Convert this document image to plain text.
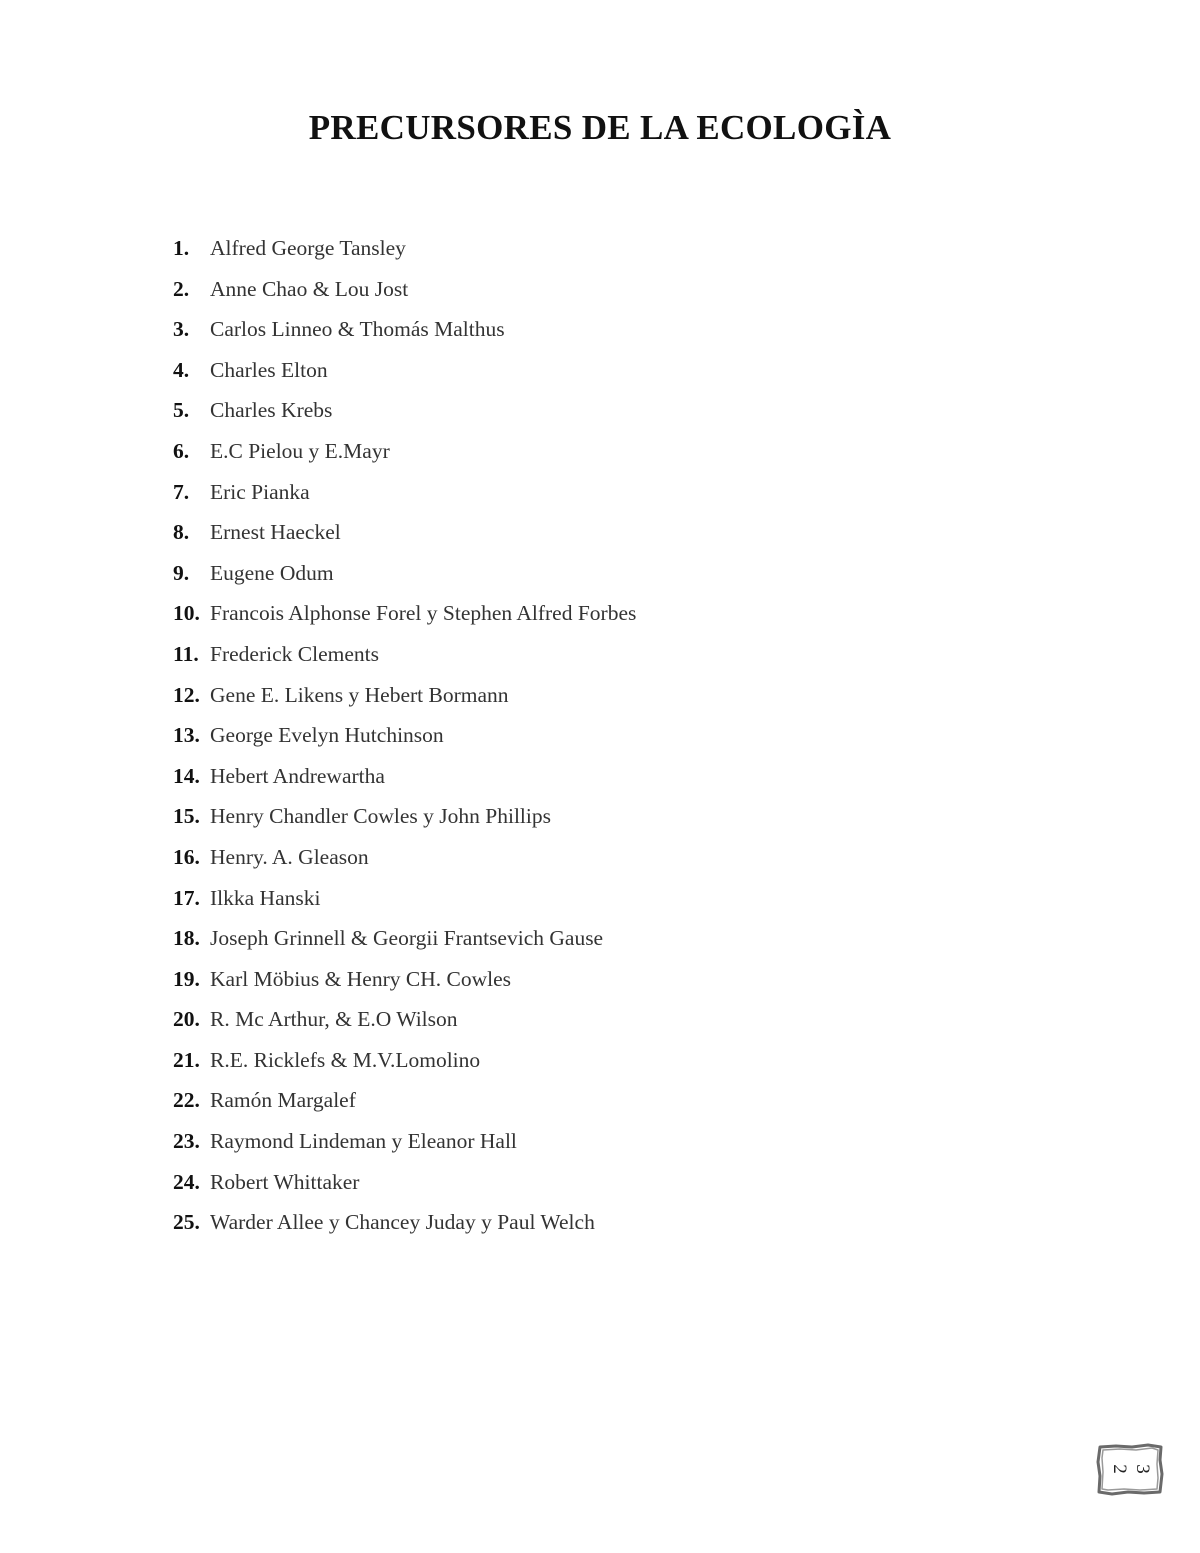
PRECURSORES DE LA ECOLOGÌA
1. Alfred George Tansley
2. Anne Chao & Lou Jost
3. Carlos Linneo & Thomás Malthus
4. Charles Elton
5. Charles Krebs
6. E.C Pielou y E.Mayr
7. Eric Pianka
8. Ernest Haeckel
9. Eugene Odum
10. Francois Alphonse Forel y Stephen Alfred Forbes
11. Frederick Clements
12. Gene E. Likens y Hebert Bormann
13. George Evelyn Hutchinson
14. Hebert Andrewartha
15. Henry Chandler Cowles y John Phillips
16. Henry. A. Gleason
17. Ilkka Hanski
18. Joseph Grinnell & Georgii Frantsevich Gause
19. Karl Möbius & Henry CH. Cowles
20. R. Mc Arthur, & E.O Wilson
21. R.E. Ricklefs & M.V.Lomolino
22. Ramón Margalef
23. Raymond Lindeman y Eleanor Hall
24. Robert Whittaker
25. Warder Allee y Chancey Juday y Paul Welch
2 3
